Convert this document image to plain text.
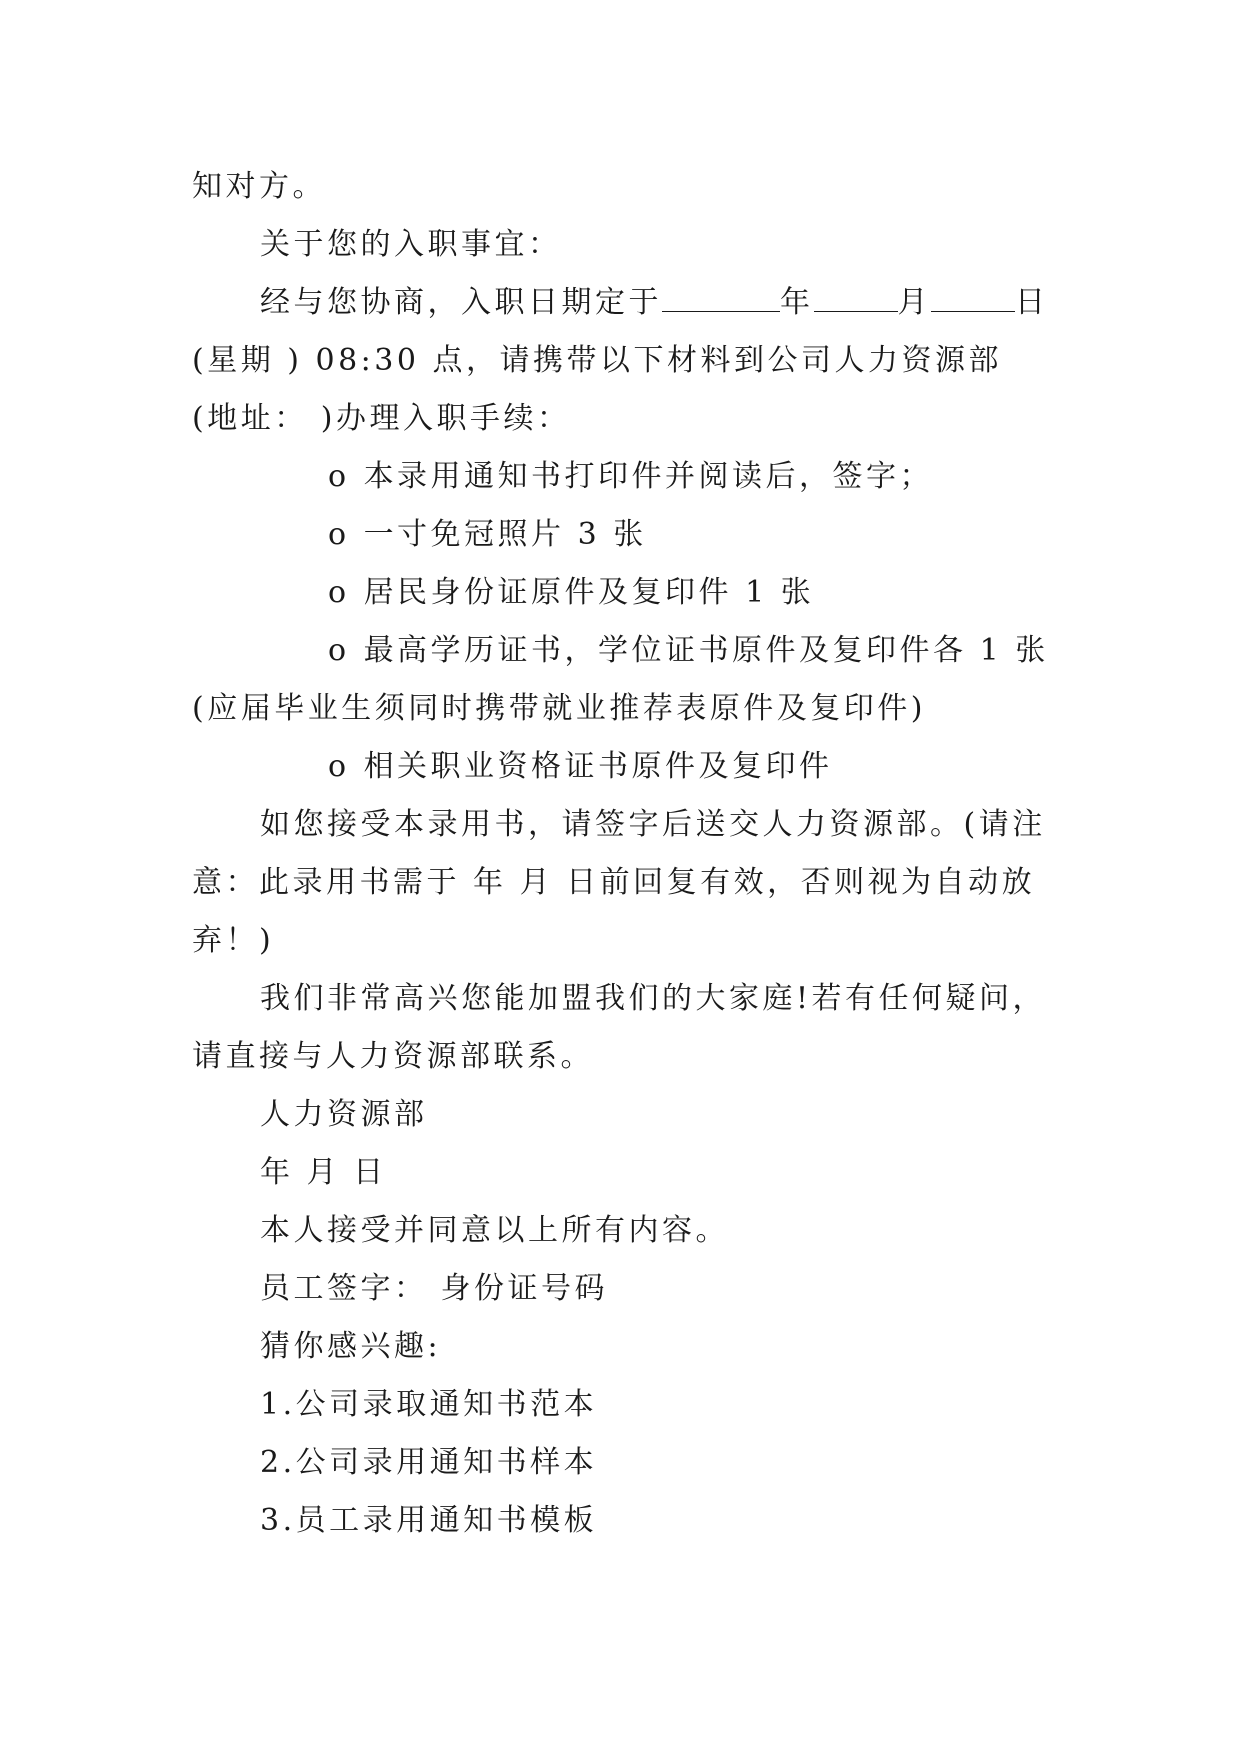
知对方。

关于您的入职事宜：

经与您协商，入职日期定于	年	月	日(星期 ) 08:30 点，请携带以下材料到公司人力资源部 (地址： )办理入职手续：

o 本录用通知书打印件并阅读后，签字；

o 一寸免冠照片 3 张

o 居民身份证原件及复印件 1 张

o 最高学历证书，学位证书原件及复印件各 1 张(应届毕业生须同时携带就业推荐表原件及复印件)

o 相关职业资格证书原件及复印件

如您接受本录用书，请签字后送交人力资源部。(请注意：此录用书需于 年 月 日前回复有效，否则视为自动放弃！)

我们非常高兴您能加盟我们的大家庭!若有任何疑问，请直接与人力资源部联系。

人力资源部

年 月 日

本人接受并同意以上所有内容。

员工签字： 身份证号码

猜你感兴趣:

1.公司录取通知书范本

2.公司录用通知书样本

3.员工录用通知书模板
